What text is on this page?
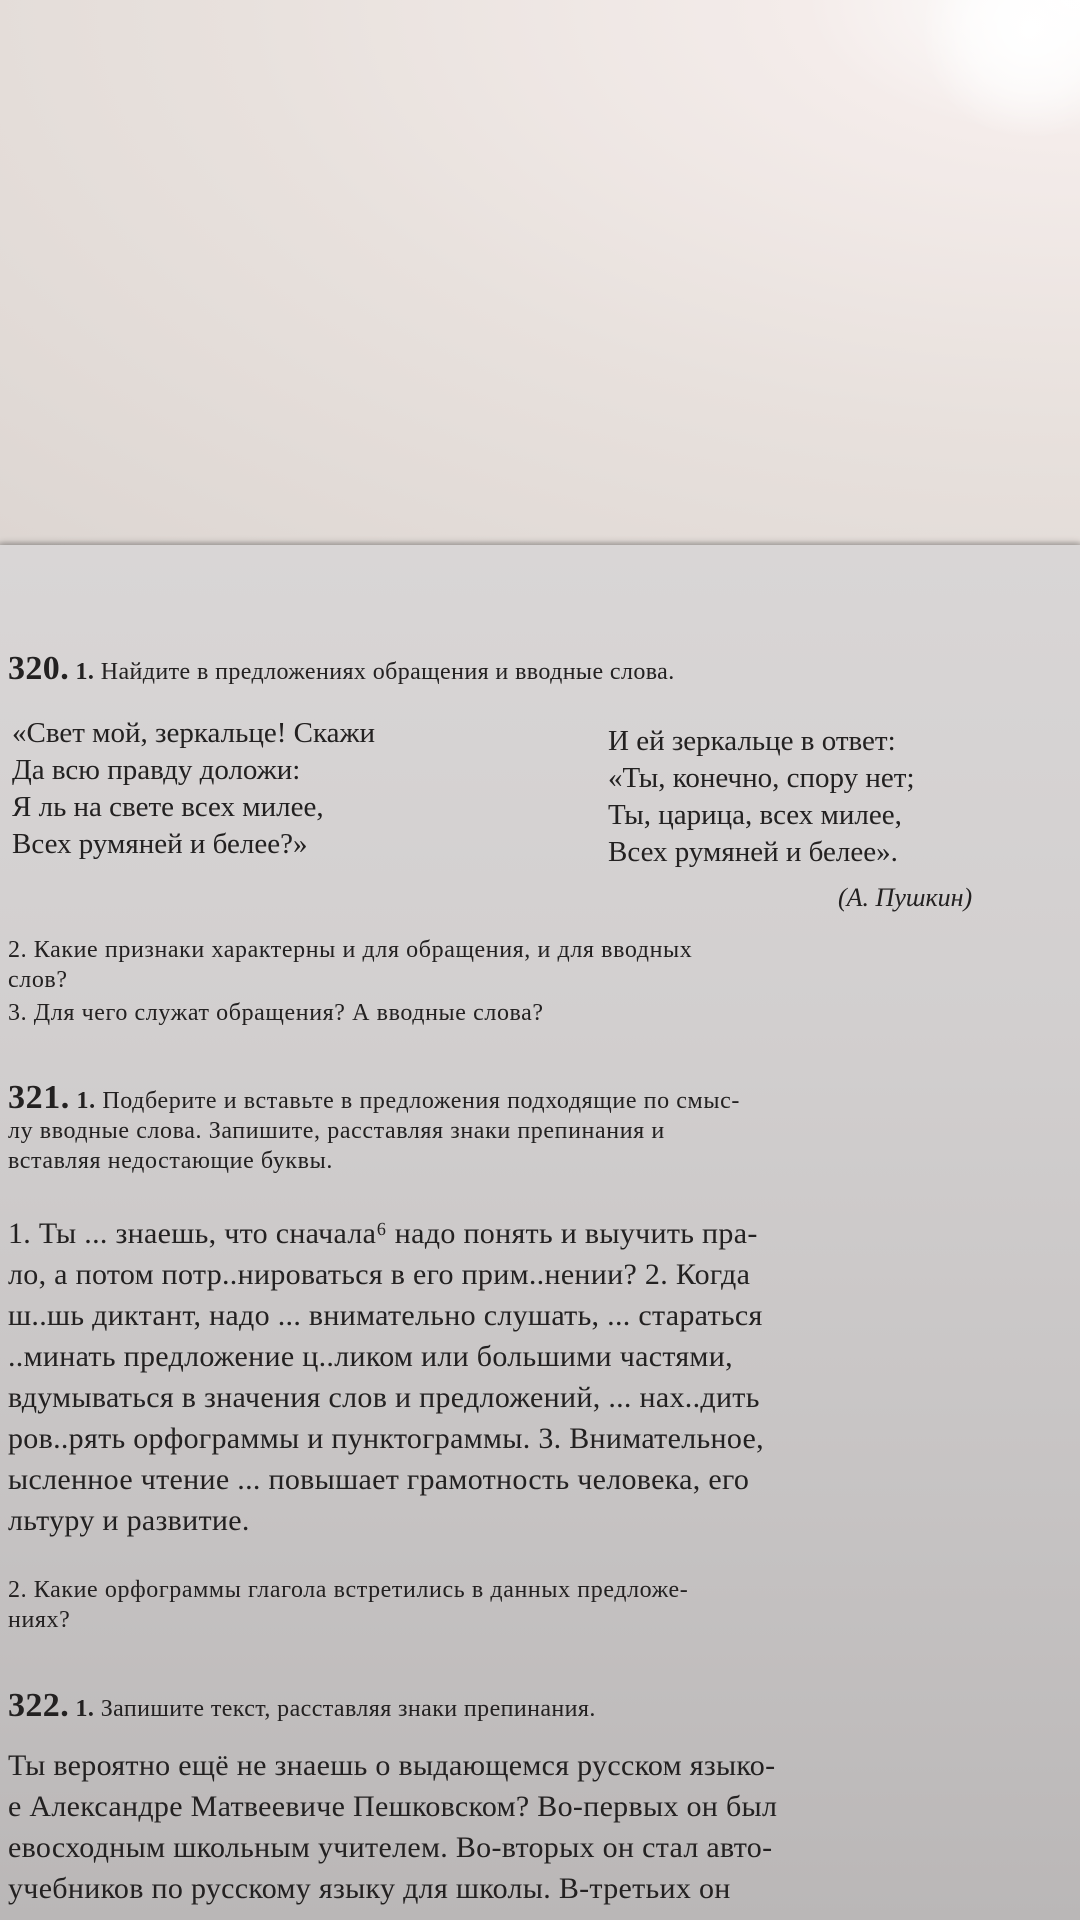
320. 1. Найдите в предложениях обращения и вводные слова.
«Свет мой, зеркальце! Скажи
Да всю правду доложи:
Я ль на свете всех милее,
Всех румяней и белее?»
И ей зеркальце в ответ:
«Ты, конечно, спору нет;
Ты, царица, всех милее,
Всех румяней и белее».
(А. Пушкин)
2. Какие признаки характерны и для обращения, и для вводных
слов?
3. Для чего служат обращения? А вводные слова?
321. 1. Подберите и вставьте в предложения подходящие по смыс-
лу вводные слова. Запишите, расставляя знаки препинания и
вставляя недостающие буквы.
1. Ты ... знаешь, что сначала⁶ надо понять и выучить пра-
ло, а потом потр..нироваться в его прим..нении? 2. Когда
ш..шь диктант, надо ... внимательно слушать, ... стараться
..минать предложение ц..ликом или большими частями,
вдумываться в значения слов и предложений, ... нах..дить
ров..рять орфограммы и пунктограммы. 3. Внимательное,
ысленное чтение ... повышает грамотность человека, его
льтуру и развитие.
2. Какие орфограммы глагола встретились в данных предложе-
ниях?
322. 1. Запишите текст, расставляя знаки препинания.
Ты вероятно ещё не знаешь о выдающемся русском языко-
е Александре Матвеевиче Пешковском? Во-первых он был
евосходным школьным учителем. Во-вторых он стал авто-
учебников по русскому языку для школы. В-третьих он
